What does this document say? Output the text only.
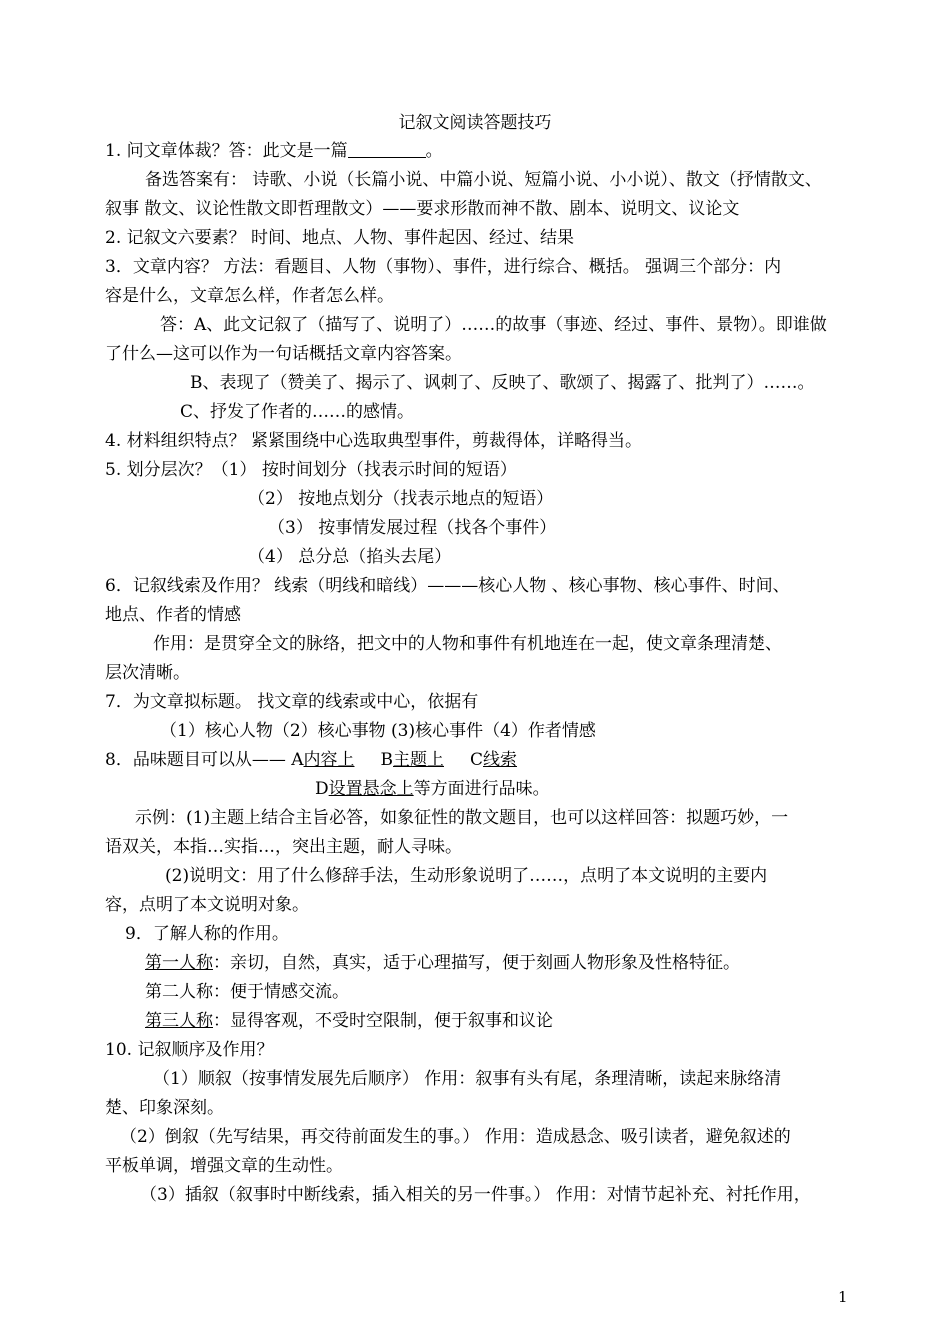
记叙文阅读答题技巧
1. 问文章体裁？答：此文是一篇	。
备选答案有： 诗歌、小说（长篇小说、中篇小说、短篇小说、小小说）、散文（抒情散文、
叙事 散文、议论性散文即哲理散文）——要求形散而神不散、剧本、说明文、议论文
2. 记叙文六要素？ 时间、地点、人物、事件起因、经过、结果
3．文章内容？ 方法：看题目、人物（事物）、事件，进行综合、概括。 强调三个部分：内
容是什么，文章怎么样，作者怎么样。
答：A、此文记叙了（描写了、说明了）……的故事（事迹、经过、事件、景物）。即谁做
了什么—这可以作为一句话概括文章内容答案。
B、表现了（赞美了、揭示了、讽刺了、反映了、歌颂了、揭露了、批判了）……。
C、抒发了作者的……的感情。
4. 材料组织特点？ 紧紧围绕中心选取典型事件，剪裁得体，详略得当。
5. 划分层次？（1） 按时间划分（找表示时间的短语）
（2） 按地点划分（找表示地点的短语）
（3） 按事情发展过程（找各个事件）
（4） 总分总（掐头去尾）
6．记叙线索及作用？ 线索（明线和暗线）———核心人物 、核心事物、核心事件、时间、
地点、作者的情感
作用：是贯穿全文的脉络，把文中的人物和事件有机地连在一起，使文章条理清楚、
层次清晰。
7．为文章拟标题。 找文章的线索或中心，依据有
（1）核心人物（2）核心事物 (3)核心事件（4）作者情感
8．品味题目可以从—— A内容上 B主题上 C线索
D设置悬念上等方面进行品味。
示例：(1)主题上结合主旨必答，如象征性的散文题目，也可以这样回答：拟题巧妙，一
语双关，本指…实指…，突出主题，耐人寻味。
(2)说明文：用了什么修辞手法，生动形象说明了……，点明了本文说明的主要内
容，点明了本文说明对象。
9．了解人称的作用。
第一人称：亲切，自然，真实，适于心理描写，便于刻画人物形象及性格特征。
第二人称：便于情感交流。
第三人称：显得客观，不受时空限制，便于叙事和议论
10. 记叙顺序及作用？
（1）顺叙（按事情发展先后顺序） 作用：叙事有头有尾，条理清晰，读起来脉络清
楚、印象深刻。
（2）倒叙（先写结果，再交待前面发生的事。） 作用：造成悬念、吸引读者，避免叙述的
平板单调，增强文章的生动性。
（3）插叙（叙事时中断线索，插入相关的另一件事。） 作用：对情节起补充、衬托作用，
1
